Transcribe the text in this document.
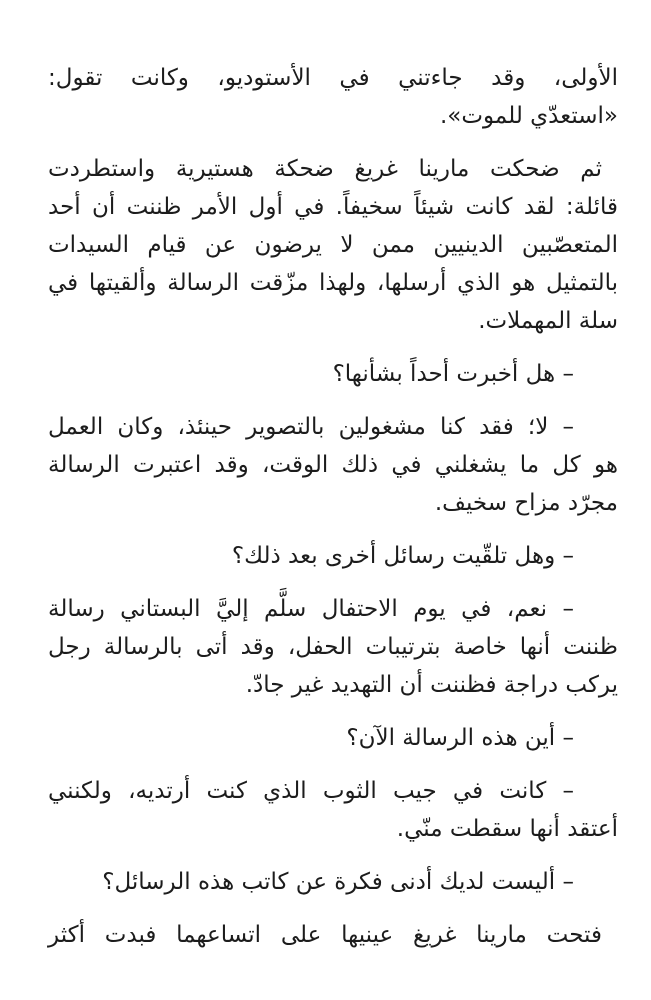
الأولى، وقد جاءتني في الأستوديو، وكانت تقول:
«استعدّي للموت».

ثم ضحكت مارينا غريغ ضحكة هستيرية واستطردت
قائلة: لقد كانت شيئاً سخيفاً. في أول الأمر ظننت أن أحد
المتعصّبين الدينيين ممن لا يرضون عن قيام السيدات
بالتمثيل هو الذي أرسلها، ولهذا مزّقت الرسالة وألقيتها في
سلة المهملات.

– هل أخبرت أحداً بشأنها؟

– لا؛ فقد كنا مشغولين بالتصوير حينئذ، وكان العمل
هو كل ما يشغلني في ذلك الوقت، وقد اعتبرت الرسالة
مجرّد مزاح سخيف.

– وهل تلقّيت رسائل أخرى بعد ذلك؟

– نعم، في يوم الاحتفال سلَّم إليَّ البستاني رسالة
ظننت أنها خاصة بترتيبات الحفل، وقد أتى بالرسالة رجل
يركب دراجة فظننت أن التهديد غير جادّ.

– أين هذه الرسالة الآن؟

– كانت في جيب الثوب الذي كنت أرتديه، ولكنني
أعتقد أنها سقطت منّي.

– أليست لديك أدنى فكرة عن كاتب هذه الرسائل؟

فتحت مارينا غريغ عينيها على اتساعهما فبدت أكثر
